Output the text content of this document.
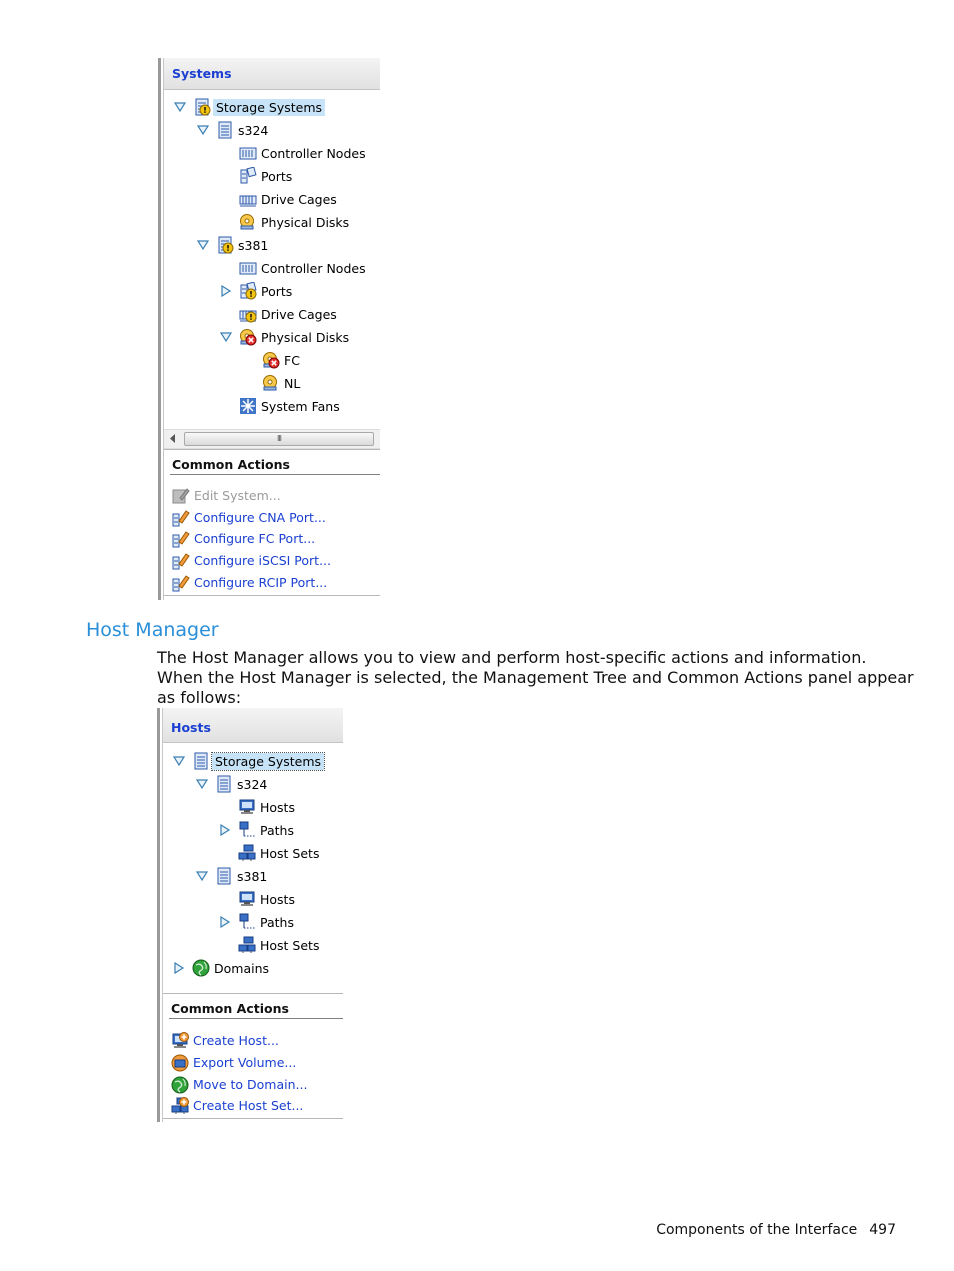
Systems
Storage Systems
s324
Controller Nodes
Ports
Drive Cages
Physical Disks
s381
Controller Nodes
Ports
Drive Cages
Physical Disks
FC
NL
System Fans
III
Common Actions
Edit System...
Configure CNA Port...
Configure FC Port...
Configure iSCSI Port...
Configure RCIP Port...
Host Manager

The Host Manager allows you to view and perform host-specific actions and information. When the Host Manager is selected, the Management Tree and Common Actions panel appear as follows:

Hosts
Storage Systems
s324
Hosts
Paths
Host Sets
s381
Hosts
Paths
Host Sets
Domains
Common Actions
Create Host...
Export Volume...
Move to Domain...
Create Host Set...
Components of the Interface 497
